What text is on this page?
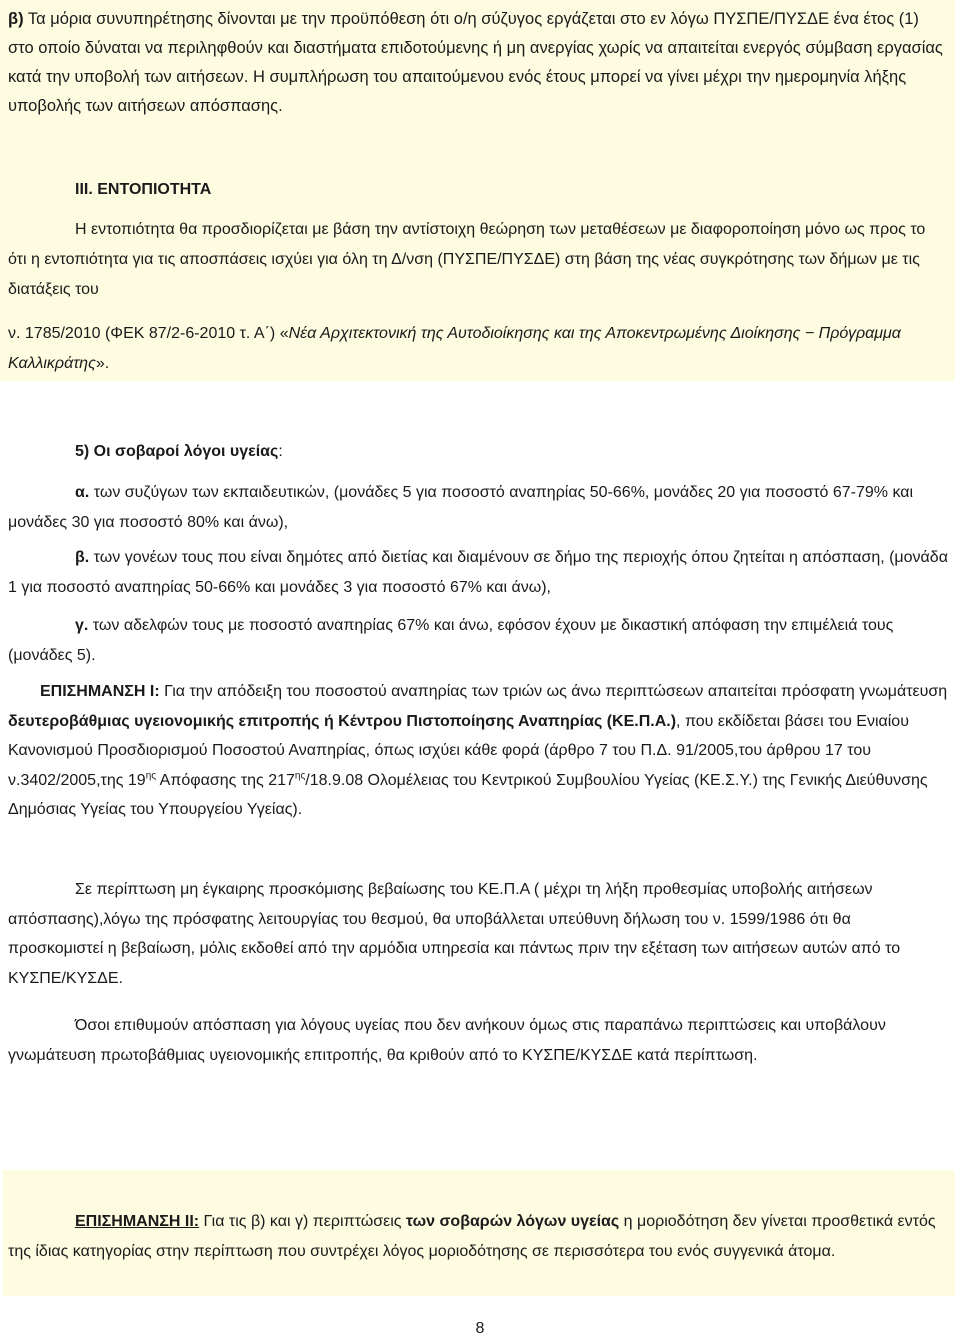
β) Τα μόρια συνυπηρέτησης δίνονται με την προϋπόθεση ότι ο/η σύζυγος εργάζεται στο εν λόγω ΠΥΣΠΕ/ΠΥΣΔΕ ένα έτος (1) στο οποίο δύναται να περιληφθούν και διαστήματα επιδοτούμενης ή μη ανεργίας χωρίς να απαιτείται ενεργός σύμβαση εργασίας κατά την υποβολή των αιτήσεων. Η συμπλήρωση του απαιτούμενου ενός έτους μπορεί να γίνει μέχρι την ημερομηνία λήξης υποβολής των αιτήσεων απόσπασης.

ΙΙΙ. ΕΝΤΟΠΙΟΤΗΤΑ

Η εντοπιότητα θα προσδιορίζεται με βάση την αντίστοιχη θεώρηση των μεταθέσεων με διαφοροποίηση μόνο ως προς το ότι η εντοπιότητα για τις αποσπάσεις ισχύει για όλη τη Δ/νση (ΠΥΣΠΕ/ΠΥΣΔΕ) στη βάση της νέας συγκρότησης των δήμων με τις διατάξεις του

ν. 1785/2010 (ΦΕΚ 87/2-6-2010 τ. Α΄) «Νέα Αρχιτεκτονική της Αυτοδιοίκησης και της Αποκεντρωμένης Διοίκησης − Πρόγραμμα Καλλικράτης».

5) Οι σοβαροί λόγοι υγείας:

α. των συζύγων των εκπαιδευτικών, (μονάδες 5 για ποσοστό αναπηρίας 50-66%, μονάδες 20 για ποσοστό 67-79% και μονάδες 30 για ποσοστό 80% και άνω),

β. των γονέων τους που είναι δημότες από διετίας και διαμένουν σε δήμο της περιοχής όπου ζητείται η απόσπαση, (μονάδα 1 για ποσοστό αναπηρίας 50-66% και μονάδες 3 για ποσοστό 67% και άνω),

γ. των αδελφών τους με ποσοστό αναπηρίας 67% και άνω, εφόσον έχουν με δικαστική απόφαση την επιμέλειά τους (μονάδες 5).

ΕΠΙΣΗΜΑΝΣΗ Ι: Για την απόδειξη του ποσοστού αναπηρίας των τριών ως άνω περιπτώσεων απαιτείται πρόσφατη γνωμάτευση δευτεροβάθμιας υγειονομικής επιτροπής ή Κέντρου Πιστοποίησης Αναπηρίας (ΚΕ.Π.Α.), που εκδίδεται βάσει του Ενιαίου Κανονισμού Προσδιορισμού Ποσοστού Αναπηρίας, όπως ισχύει κάθε φορά (άρθρο 7 του Π.Δ. 91/2005,του άρθρου 17 του ν.3402/2005,της $19^{\eta\varsigma}$ Απόφασης της $217^{\eta\varsigma}/18.9.08$ Ολομέλειας του Κεντρικού Συμβουλίου Υγείας (ΚΕ.Σ.Υ.) της Γενικής Διεύθυνσης Δημόσιας Υγείας του Υπουργείου Υγείας).

Σε περίπτωση μη έγκαιρης προσκόμισης βεβαίωσης του ΚΕ.Π.Α ( μέχρι τη λήξη προθεσμίας υποβολής αιτήσεων απόσπασης),λόγω της πρόσφατης λειτουργίας του θεσμού, θα υποβάλλεται υπεύθυνη δήλωση του ν. 1599/1986 ότι θα προσκομιστεί η βεβαίωση, μόλις εκδοθεί από την αρμόδια υπηρεσία και πάντως πριν την εξέταση των αιτήσεων αυτών από το ΚΥΣΠΕ/ΚΥΣΔΕ.

Όσοι επιθυμούν απόσπαση για λόγους υγείας που δεν ανήκουν όμως στις παραπάνω περιπτώσεις και υποβάλουν γνωμάτευση πρωτοβάθμιας υγειονομικής επιτροπής, θα κριθούν από το ΚΥΣΠΕ/ΚΥΣΔΕ κατά περίπτωση.

ΕΠΙΣΗΜΑΝΣΗ ΙΙ: Για τις β) και γ) περιπτώσεις των σοβαρών λόγων υγείας η μοριοδότηση δεν γίνεται προσθετικά εντός της ίδιας κατηγορίας στην περίπτωση που συντρέχει λόγος μοριοδότησης σε περισσότερα του ενός συγγενικά άτομα.

8
